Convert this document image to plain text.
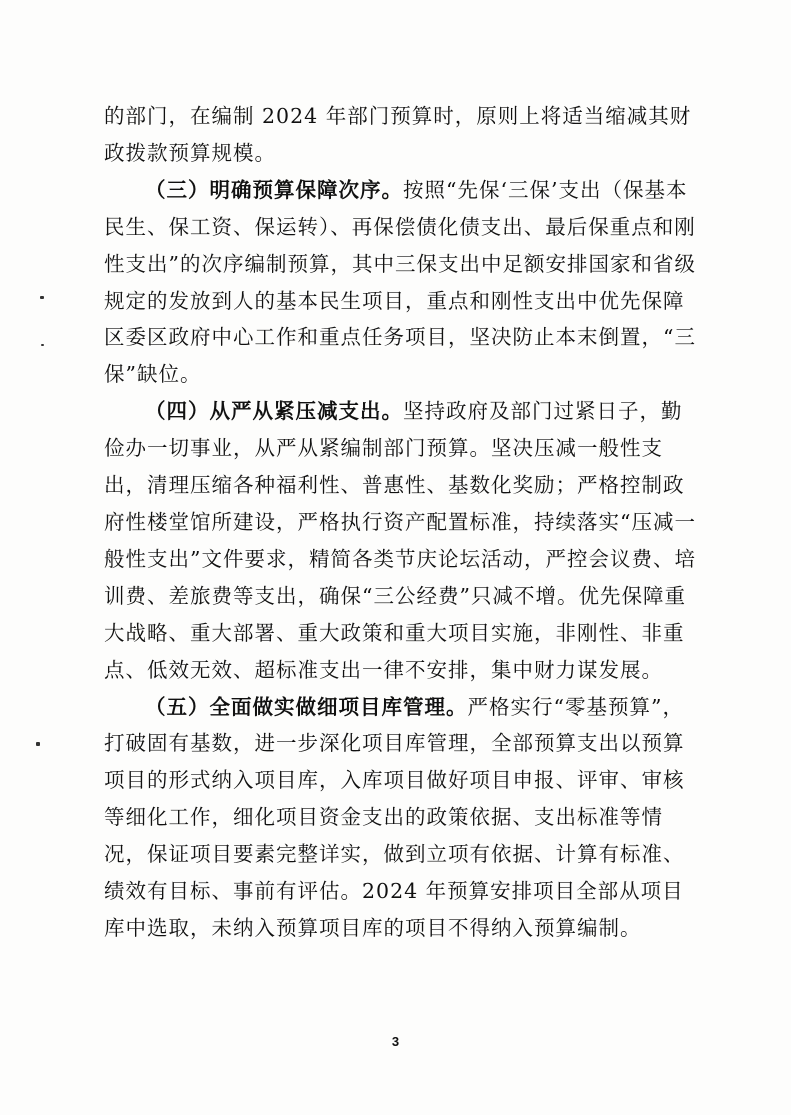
的部门，在编制 2024 年部门预算时，原则上将适当缩减其财政拨款预算规模。

（三）明确预算保障次序。按照“先保‘三保’支出（保基本民生、保工资、保运转）、再保偿债化债支出、最后保重点和刚性支出”的次序编制预算，其中三保支出中足额安排国家和省级规定的发放到人的基本民生项目，重点和刚性支出中优先保障区委区政府中心工作和重点任务项目，坚决防止本末倒置，“三保”缺位。

（四）从严从紧压减支出。坚持政府及部门过紧日子，勤俭办一切事业，从严从紧编制部门预算。坚决压减一般性支出，清理压缩各种福利性、普惠性、基数化奖励；严格控制政府性楼堂馆所建设，严格执行资产配置标准，持续落实“压减一般性支出”文件要求，精简各类节庆论坛活动，严控会议费、培训费、差旅费等支出，确保“三公经费”只减不增。优先保障重大战略、重大部署、重大政策和重大项目实施，非刚性、非重点、低效无效、超标准支出一律不安排，集中财力谋发展。

（五）全面做实做细项目库管理。严格实行“零基预算”，打破固有基数，进一步深化项目库管理，全部预算支出以预算项目的形式纳入项目库，入库项目做好项目申报、评审、审核等细化工作，细化项目资金支出的政策依据、支出标准等情况，保证项目要素完整详实，做到立项有依据、计算有标准、绩效有目标、事前有评估。2024 年预算安排项目全部从项目库中选取，未纳入预算项目库的项目不得纳入预算编制。

3
